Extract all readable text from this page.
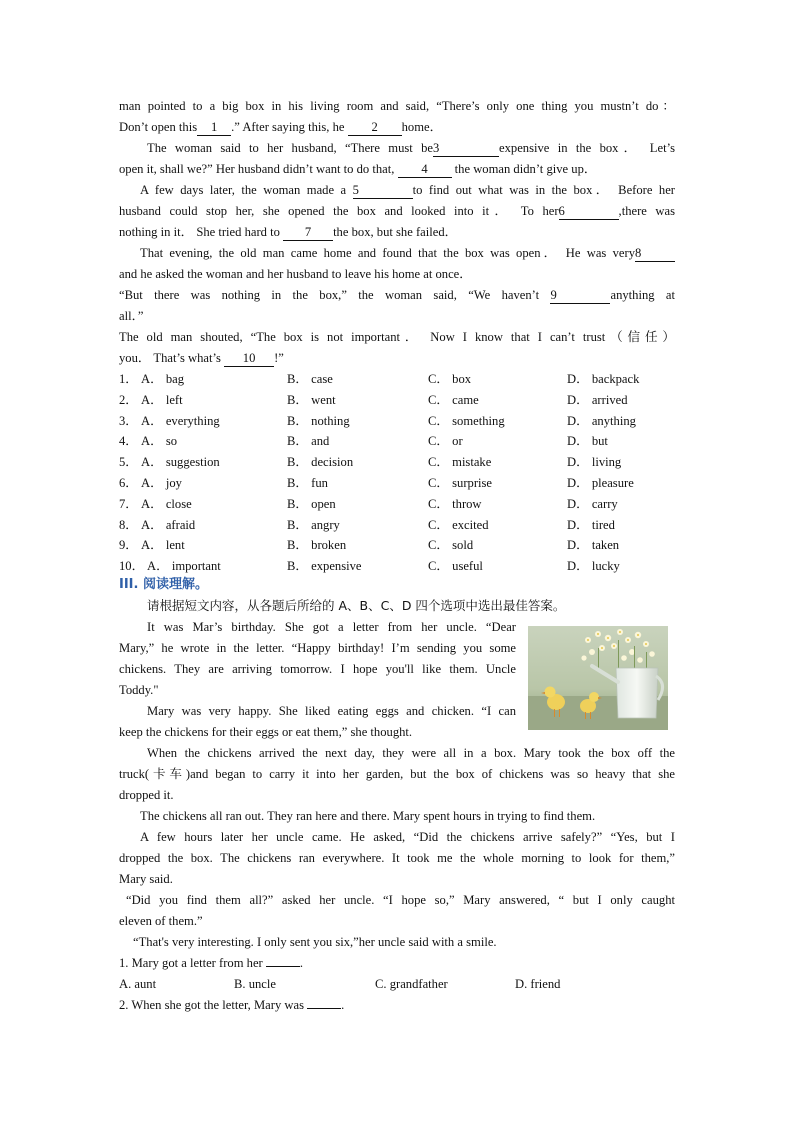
man pointed to a big box in his living room and said, “There’s only one thing you mustn’t do：
Don’t open this 1 .” After saying this, he 2 home．
The woman said to her husband, “There must be3	expensive in the box． Let’s
open it, shall we?” Her husband didn’t want to do that, 4 the woman didn’t give up．
A few days later, the woman made a 5	to find out what was in the box． Before her
husband could stop her, she opened the box and looked into it． To her6	,there was
nothing in it． She tried hard to 7 the box, but she failed．
That evening, the old man came home and found that the box was open． He was very8
and he asked the woman and her husband to leave his home at once．
“But there was nothing in the box,” the woman said, “We haven’t 9	anything at
all．”
The old man shouted, “The box is not important． Now I know that I can’t trust（信任）
you． That’s what’s 10 !”
1． A． bag	B． case	C． box	D． backpack
2． A． left	B． went	C． came	D． arrived
3． A． everything	B． nothing	C． something	D． anything
4． A． so	B． and	C． or	D． but
5． A． suggestion	B． decision	C． mistake	D． living
6． A． joy	B． fun	C． surprise	D． pleasure
7． A． close	B． open	C． throw	D． carry
8． A． afraid	B． angry	C． excited	D． tired
9． A． lent	B． broken	C． sold	D． taken
10． A． important	B． expensive	C． useful	D． lucky
III. 阅读理解。
请根据短文内容，从各题后所给的 A、B、C、D 四个选项中选出最佳答案。
It was Mar’s birthday. She got a letter from her uncle. “Dear
Mary,” he wrote in the letter. “Happy birthday! I’m sending you some
chickens. They are arriving tomorrow. I hope you'll like them. Uncle
Toddy."
Mary was very happy. She liked eating eggs and chicken. “I can
keep the chickens for their eggs or eat them,” she thought.
When the chickens arrived the next day, they were all in a box. Mary took the box off the
truck(卡车)and began to carry it into her garden, but the box of chickens was so heavy that she
dropped it.
The chickens all ran out. They ran here and there. Mary spent hours in trying to find them.
A few hours later her uncle came. He asked, “Did the chickens arrive safely?” “Yes, but I
dropped the box. The chickens ran everywhere. It took me the whole morning to look for them,”
Mary said.
“Did you find them all?” asked her uncle. “I hope so,” Mary answered, “ but I only caught
eleven of them.”
“That's very interesting. I only sent you six,”her uncle said with a smile.
1. Mary got a letter from her	.
A. aunt	B. uncle	C. grandfather	D. friend
2. When she got the letter, Mary was	.
